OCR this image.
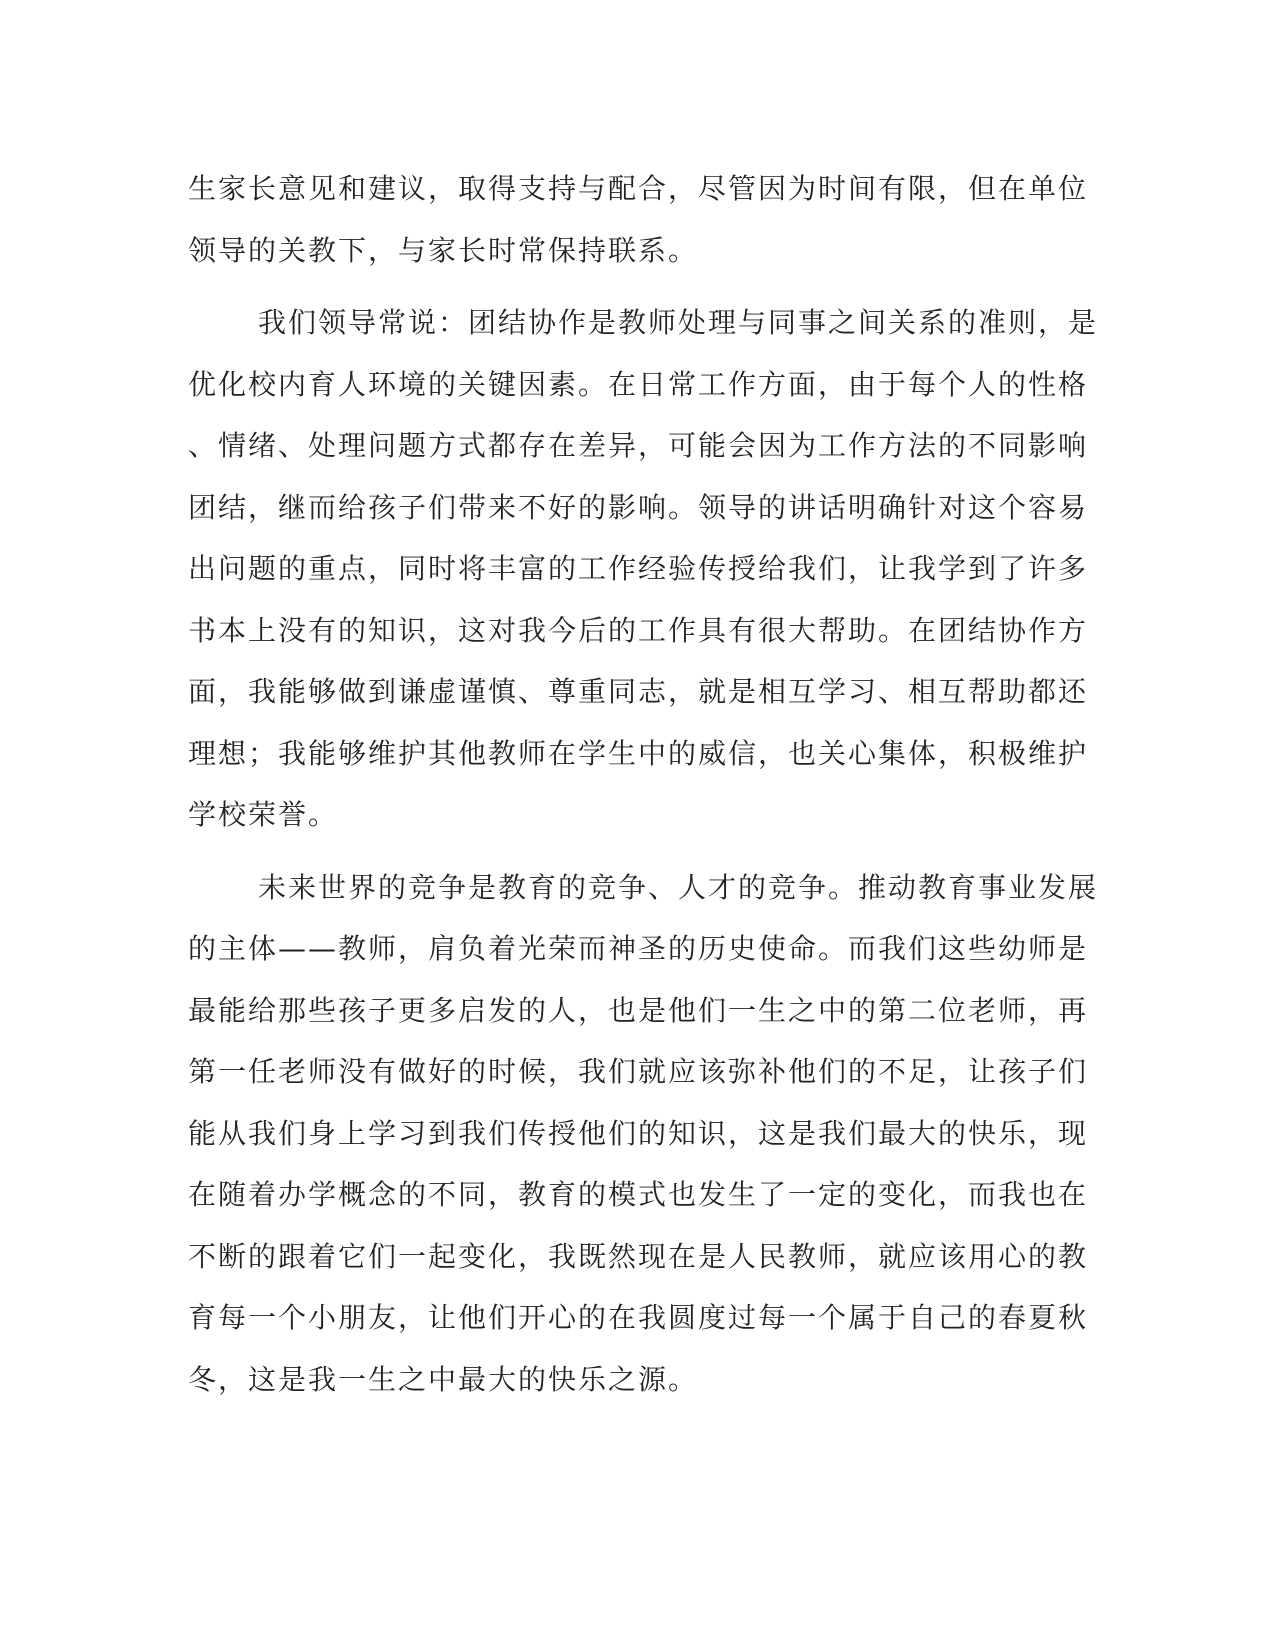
生家长意见和建议，取得支持与配合，尽管因为时间有限，但在单位
领导的关教下，与家长时常保持联系。
我们领导常说：团结协作是教师处理与同事之间关系的准则，是
优化校内育人环境的关键因素。在日常工作方面，由于每个人的性格
、情绪、处理问题方式都存在差异，可能会因为工作方法的不同影响
团结，继而给孩子们带来不好的影响。领导的讲话明确针对这个容易
出问题的重点，同时将丰富的工作经验传授给我们，让我学到了许多
书本上没有的知识，这对我今后的工作具有很大帮助。在团结协作方
面，我能够做到谦虚谨慎、尊重同志，就是相互学习、相互帮助都还
理想；我能够维护其他教师在学生中的威信，也关心集体，积极维护
学校荣誉。
未来世界的竞争是教育的竞争、人才的竞争。推动教育事业发展
的主体——教师，肩负着光荣而神圣的历史使命。而我们这些幼师是
最能给那些孩子更多启发的人，也是他们一生之中的第二位老师，再
第一任老师没有做好的时候，我们就应该弥补他们的不足，让孩子们
能从我们身上学习到我们传授他们的知识，这是我们最大的快乐，现
在随着办学概念的不同，教育的模式也发生了一定的变化，而我也在
不断的跟着它们一起变化，我既然现在是人民教师，就应该用心的教
育每一个小朋友，让他们开心的在我圆度过每一个属于自己的春夏秋
冬，这是我一生之中最大的快乐之源。
